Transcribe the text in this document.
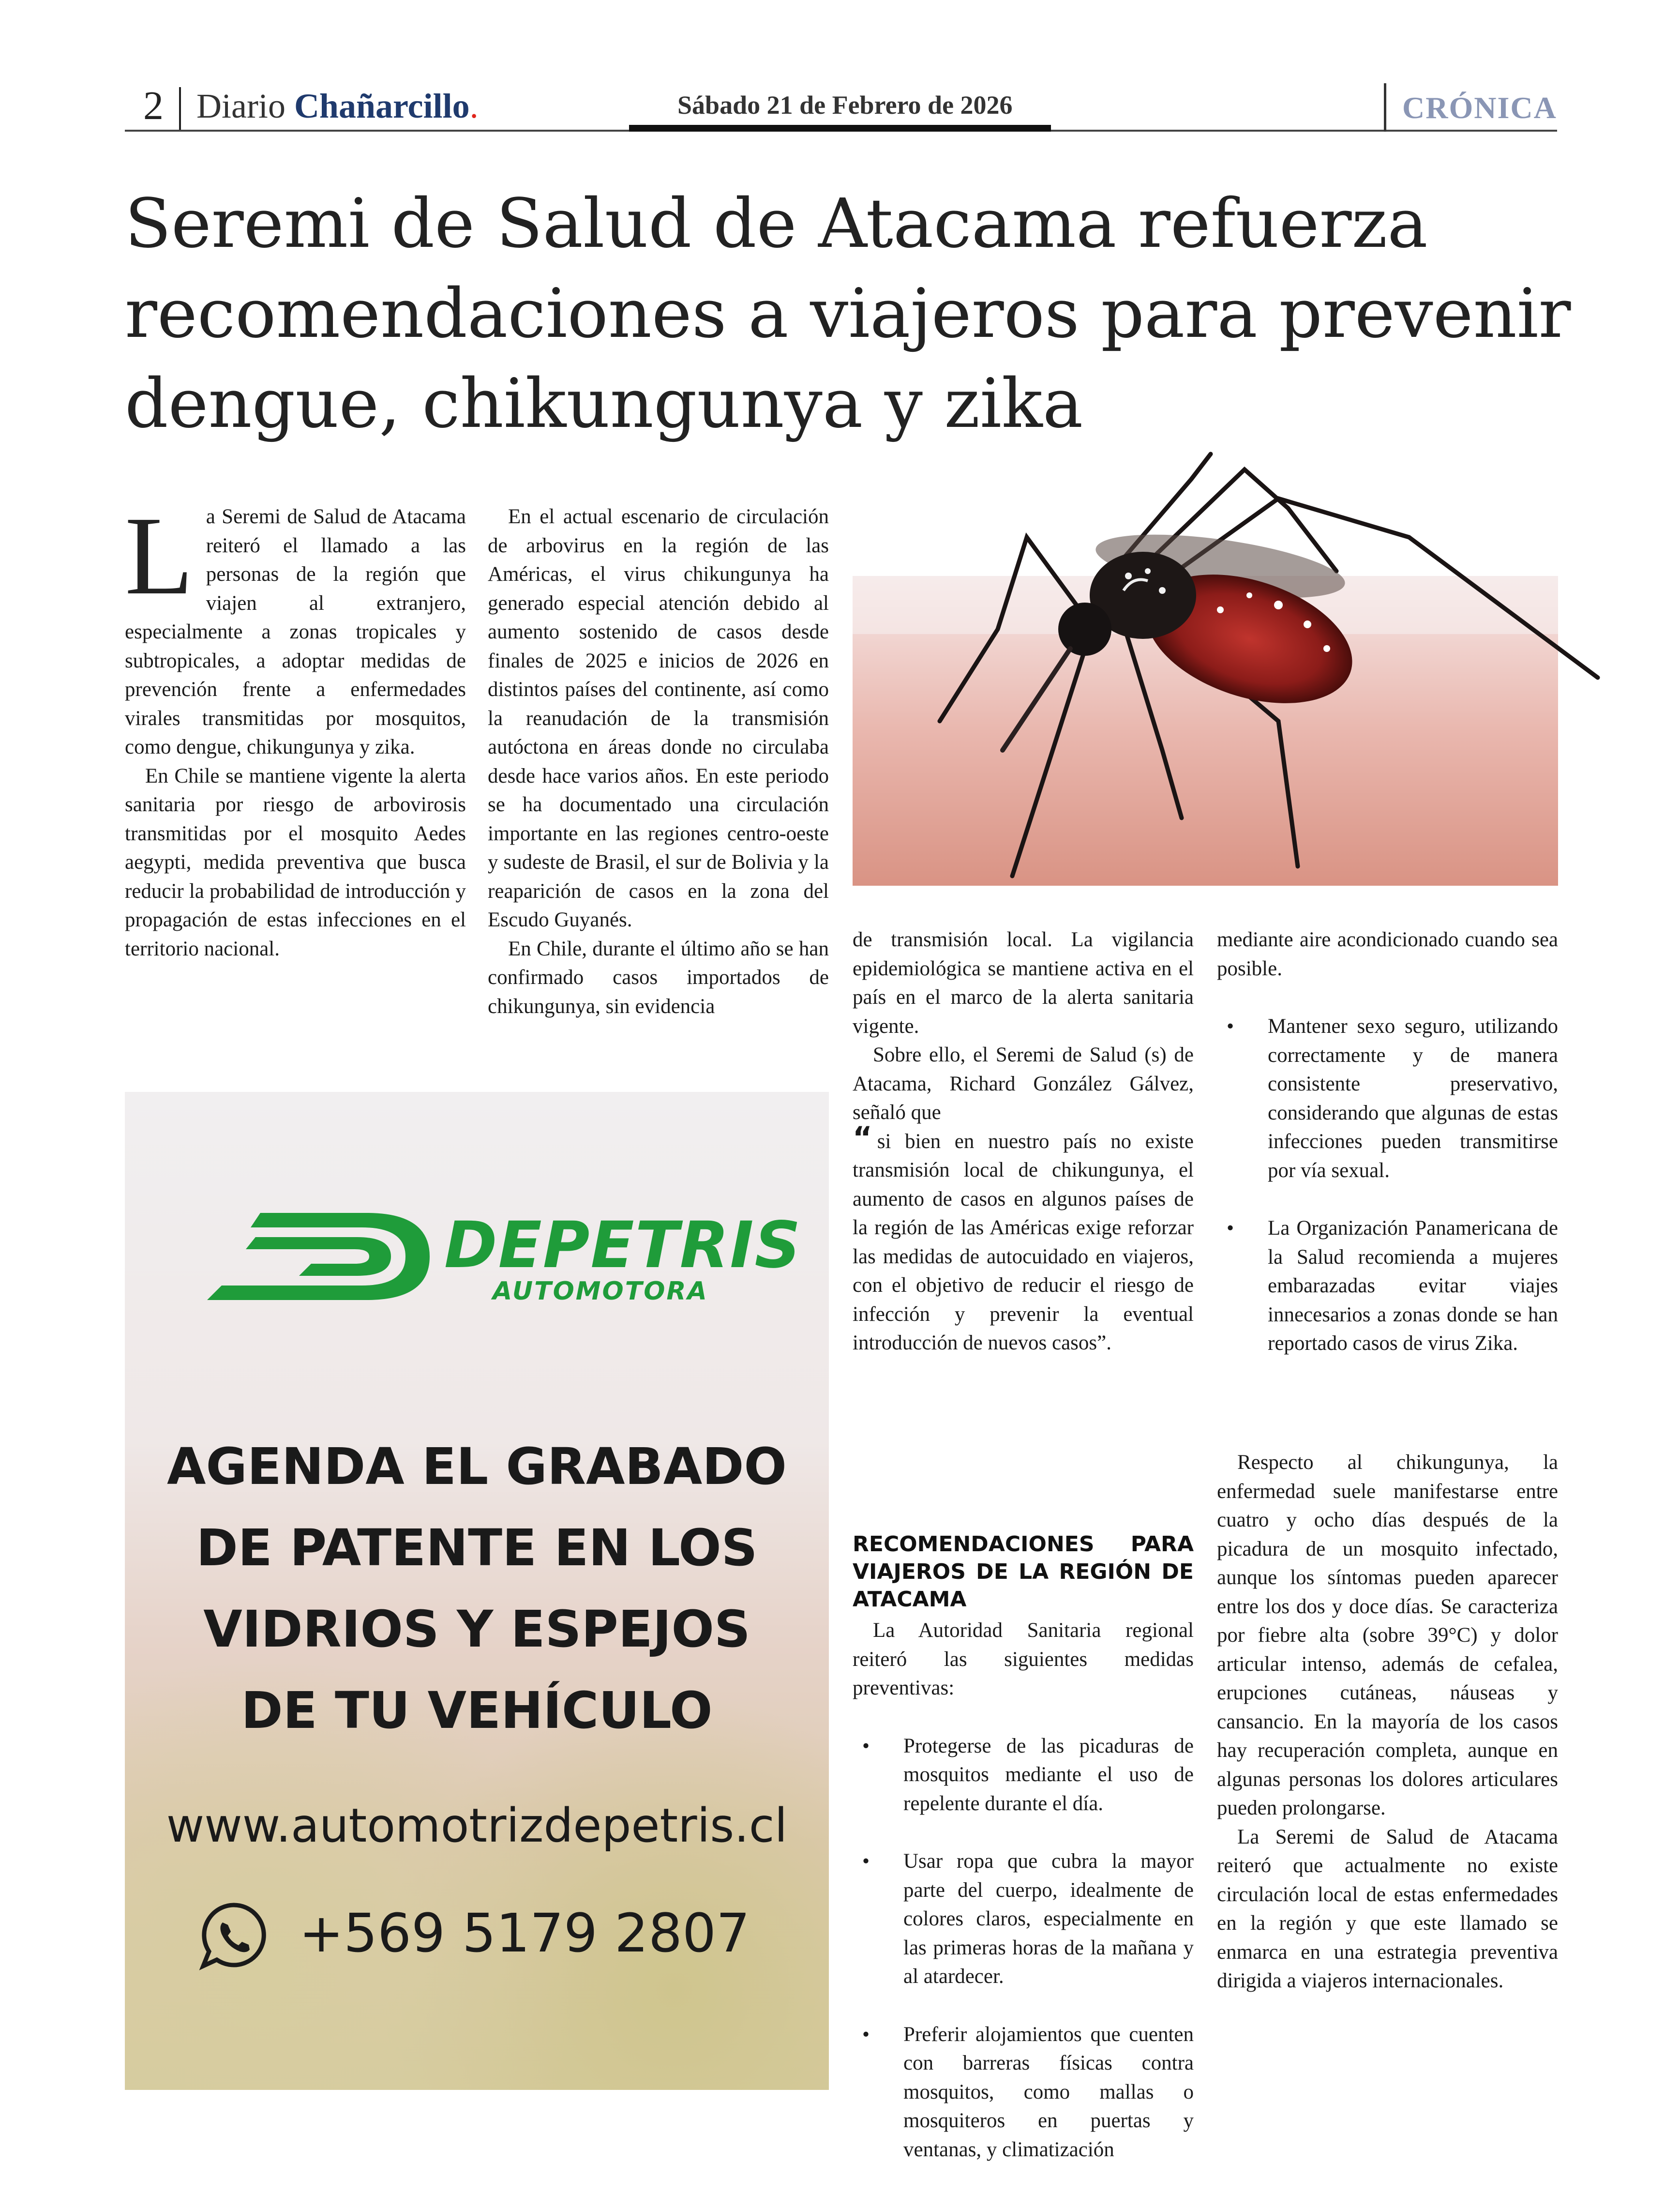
2 Diario Chañarcillo.	Sábado 21 de Febrero de 2026	CRÓNICA
Seremi de Salud de Atacama refuerza recomendaciones a viajeros para prevenir dengue, chikungunya y zika

La Seremi de Salud de Atacama reiteró el llamado a las personas de la región que viajen al extranjero, especialmente a zonas tropicales y subtropicales, a adoptar medidas de prevención frente a enfermedades virales transmitidas por mosquitos, como dengue, chikungunya y zika.

En Chile se mantiene vigente la alerta sanitaria por riesgo de arbovirosis transmitidas por el mosquito Aedes aegypti, medida preventiva que busca reducir la probabilidad de introducción y propagación de estas infecciones en el territorio nacional.

En el actual escenario de circulación de arbovirus en la región de las Américas, el virus chikungunya ha generado especial atención debido al aumento sostenido de casos desde finales de 2025 e inicios de 2026 en distintos países del continente, así como la reanudación de la transmisión autóctona en áreas donde no circulaba desde hace varios años. En este periodo se ha documentado una circulación importante en las regiones centro-oeste y sudeste de Brasil, el sur de Bolivia y la reaparición de casos en la zona del Escudo Guyanés.

En Chile, durante el último año se han confirmado casos importados de chikungunya, sin evidencia

de transmisión local. La vigilancia epidemiológica se mantiene activa en el país en el marco de la alerta sanitaria vigente.

Sobre ello, el Seremi de Salud (s) de Atacama, Richard González Gálvez, señaló que

“ si bien en nuestro país no existe transmisión local de chikungunya, el aumento de casos en algunos países de la región de las Américas exige reforzar las medidas de autocuidado en viajeros, con el objetivo de reducir el riesgo de infección y prevenir la eventual introducción de nuevos casos”.

RECOMENDACIONES PARA VIAJEROS DE LA REGIÓN DE ATACAMA

La Autoridad Sanitaria regional reiteró las siguientes medidas preventivas:

• Protegerse de las picaduras de mosquitos mediante el uso de repelente durante el día.
• Usar ropa que cubra la mayor parte del cuerpo, idealmente de colores claros, especialmente en las primeras horas de la mañana y al atardecer.
• Preferir alojamientos que cuenten con barreras físicas contra mosquitos, como mallas o mosquiteros en puertas y ventanas, y climatización

mediante aire acondicionado cuando sea posible.

• Mantener sexo seguro, utilizando correctamente y de manera consistente preservativo, considerando que algunas de estas infecciones pueden transmitirse por vía sexual.
• La Organización Panamericana de la Salud recomienda a mujeres embarazadas evitar viajes innecesarios a zonas donde se han reportado casos de virus Zika.

Respecto al chikungunya, la enfermedad suele manifestarse entre cuatro y ocho días después de la picadura de un mosquito infectado, aunque los síntomas pueden aparecer entre los dos y doce días. Se caracteriza por fiebre alta (sobre 39°C) y dolor articular intenso, además de cefalea, erupciones cutáneas, náuseas y cansancio. En la mayoría de los casos hay recuperación completa, aunque en algunas personas los dolores articulares pueden prolongarse.

La Seremi de Salud de Atacama reiteró que actualmente no existe circulación local de estas enfermedades en la región y que este llamado se enmarca en una estrategia preventiva dirigida a viajeros internacionales.

DEPETRIS
AUTOMOTORA
AGENDA EL GRABADO
DE PATENTE EN LOS
VIDRIOS Y ESPEJOS
DE TU VEHÍCULO
www.automotrizdepetris.cl
+569 5179 2807
